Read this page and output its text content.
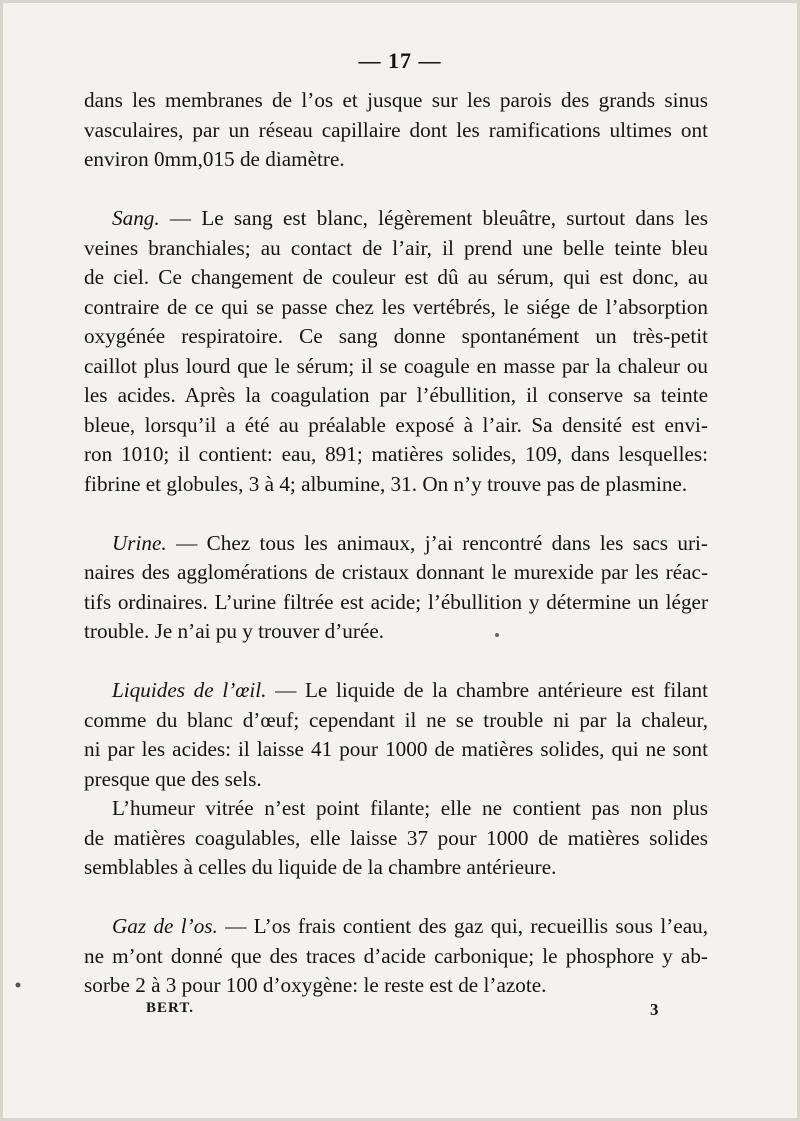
— 17 —
dans les membranes de l’os et jusque sur les parois des grands sinus
vasculaires, par un réseau capillaire dont les ramifications ultimes ont
environ 0mm,015 de diamètre.
Sang. — Le sang est blanc, légèrement bleuâtre, surtout dans les
veines branchiales; au contact de l’air, il prend une belle teinte bleu
de ciel. Ce changement de couleur est dû au sérum, qui est donc, au
contraire de ce qui se passe chez les vertébrés, le siége de l’absorption
oxygénée respiratoire. Ce sang donne spontanément un très-petit
caillot plus lourd que le sérum; il se coagule en masse par la chaleur ou
les acides. Après la coagulation par l’ébullition, il conserve sa teinte
bleue, lorsqu’il a été au préalable exposé à l’air. Sa densité est envi-
ron 1010; il contient: eau, 891; matières solides, 109, dans lesquelles:
fibrine et globules, 3 à 4; albumine, 31. On n’y trouve pas de plasmine.
Urine. — Chez tous les animaux, j’ai rencontré dans les sacs uri-
naires des agglomérations de cristaux donnant le murexide par les réac-
tifs ordinaires. L’urine filtrée est acide; l’ébullition y détermine un léger
trouble. Je n’ai pu y trouver d’urée.
Liquides de l’œil. — Le liquide de la chambre antérieure est filant
comme du blanc d’œuf; cependant il ne se trouble ni par la chaleur,
ni par les acides: il laisse 41 pour 1000 de matières solides, qui ne sont
presque que des sels.
L’humeur vitrée n’est point filante; elle ne contient pas non plus
de matières coagulables, elle laisse 37 pour 1000 de matières solides
semblables à celles du liquide de la chambre antérieure.
Gaz de l’os. — L’os frais contient des gaz qui, recueillis sous l’eau,
ne m’ont donné que des traces d’acide carbonique; le phosphore y ab-
sorbe 2 à 3 pour 100 d’oxygène: le reste est de l’azote.
BERT.	3
